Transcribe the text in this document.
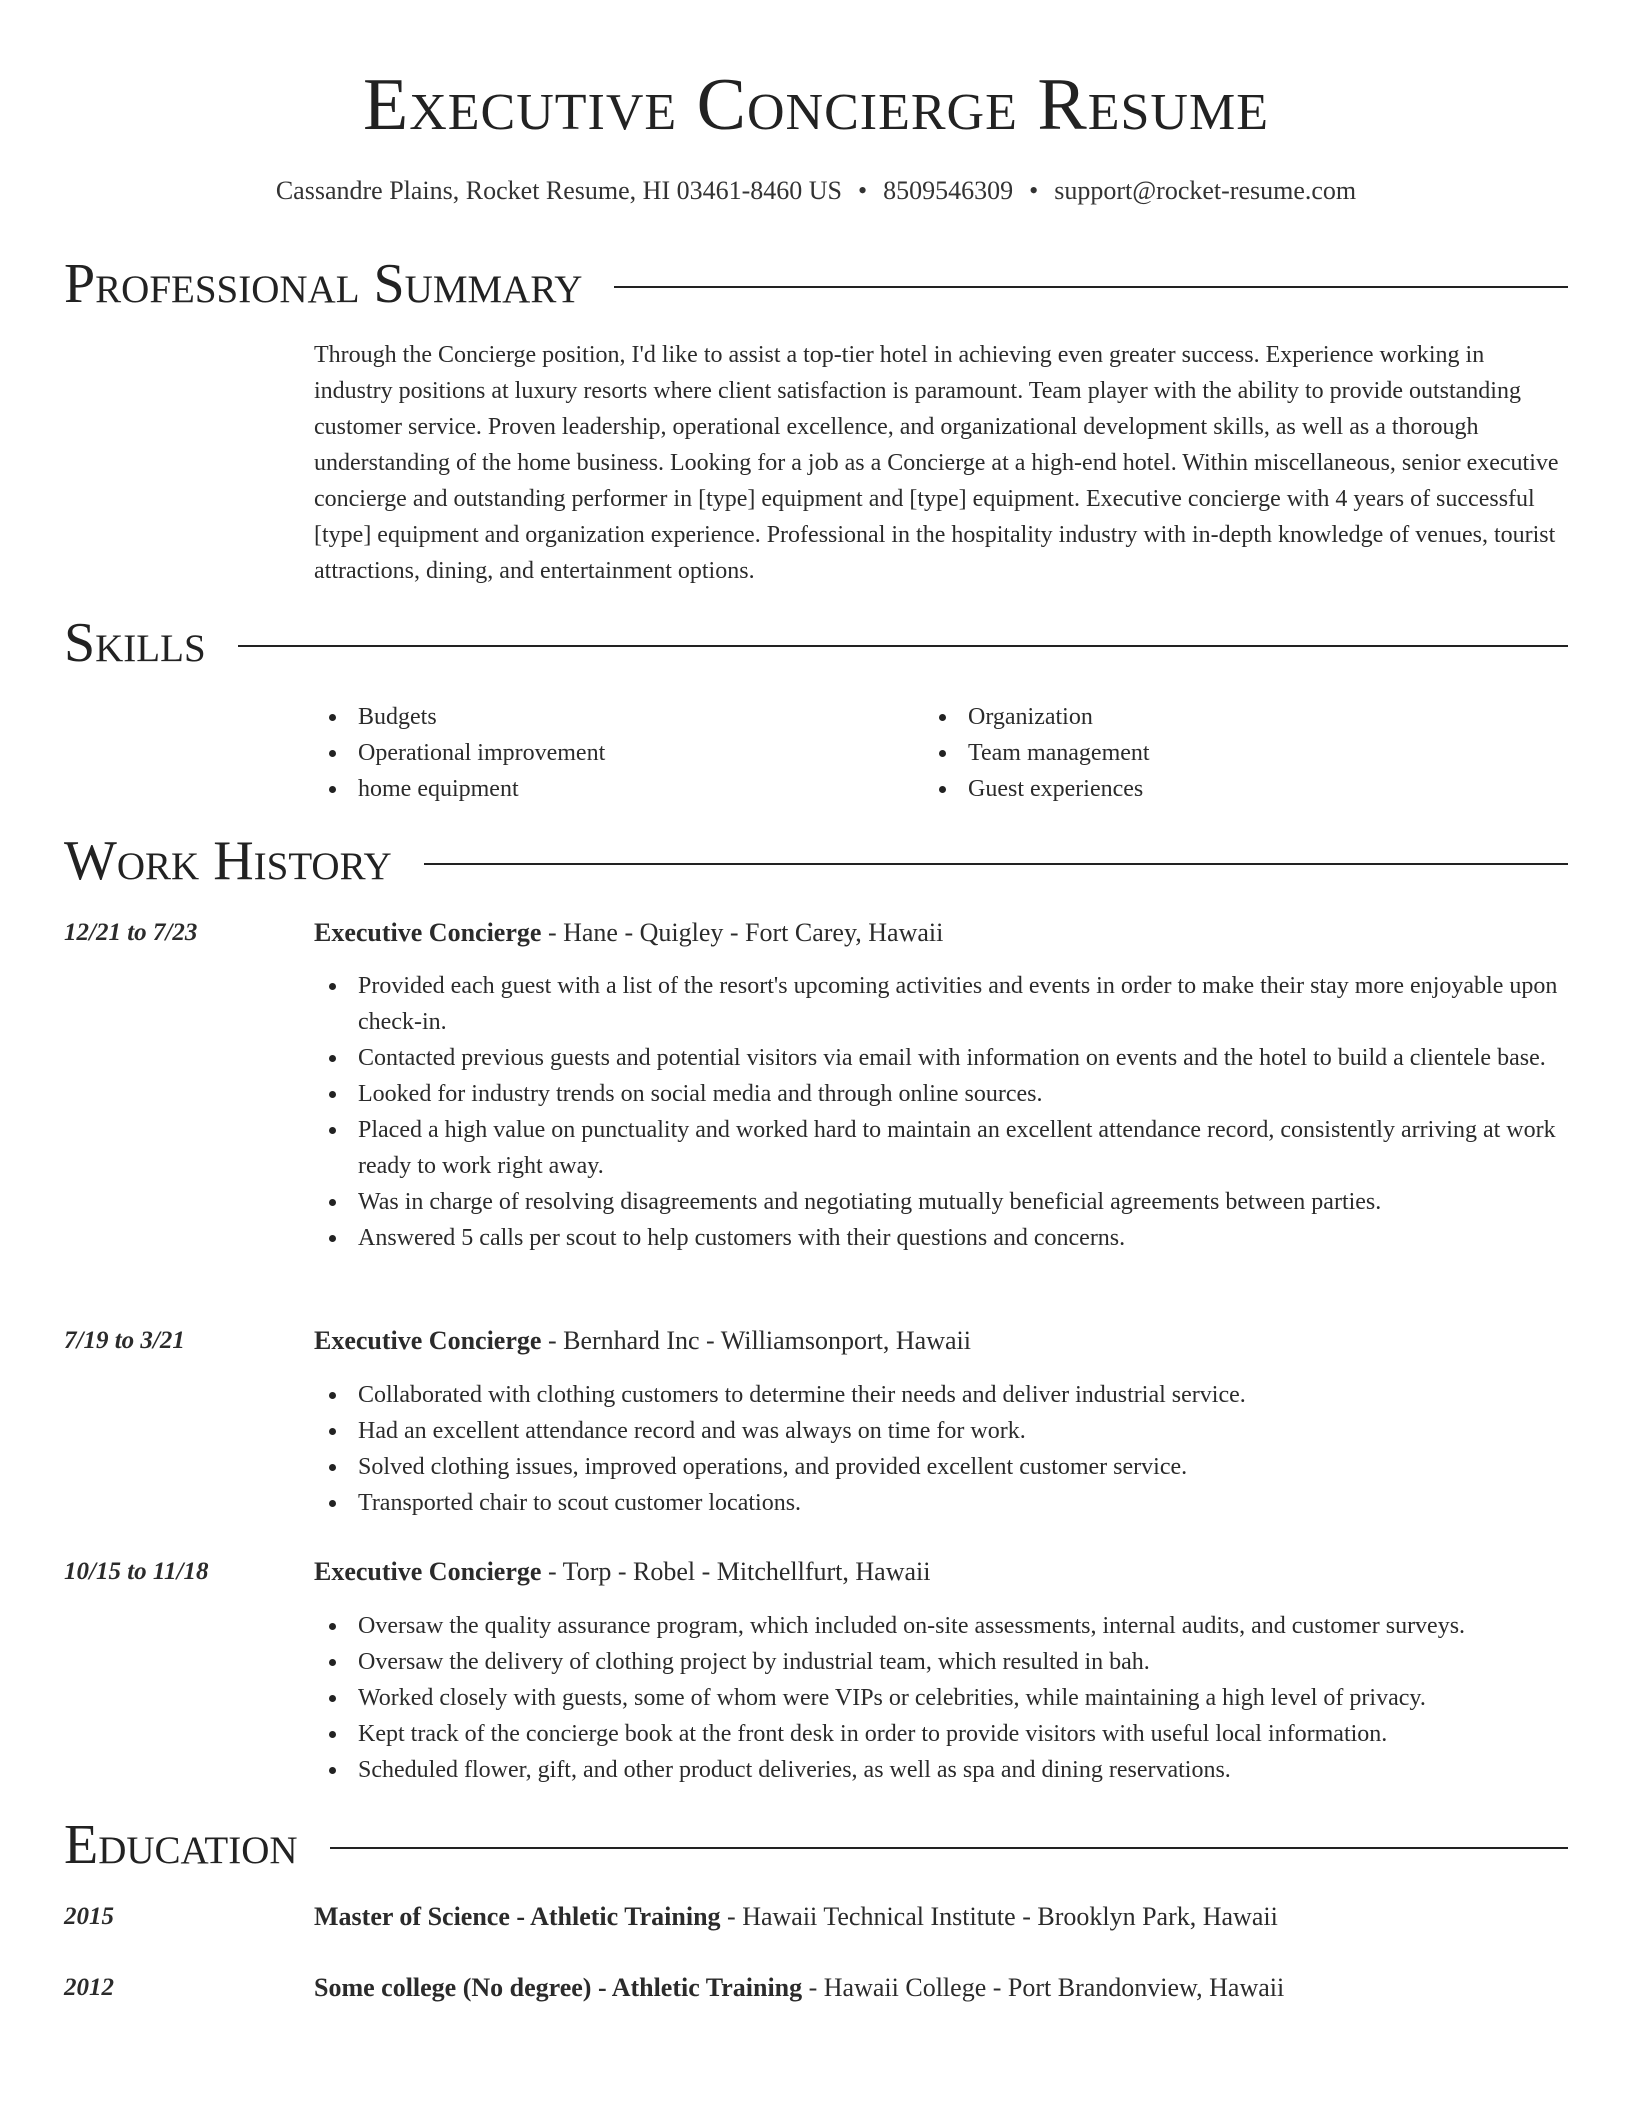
Executive Concierge Resume
Cassandre Plains, Rocket Resume, HI 03461-8460 US • 8509546309 • support@rocket-resume.com
Professional Summary
Through the Concierge position, I'd like to assist a top-tier hotel in achieving even greater success. Experience working in industry positions at luxury resorts where client satisfaction is paramount. Team player with the ability to provide outstanding customer service. Proven leadership, operational excellence, and organizational development skills, as well as a thorough understanding of the home business. Looking for a job as a Concierge at a high-end hotel. Within miscellaneous, senior executive concierge and outstanding performer in [type] equipment and [type] equipment. Executive concierge with 4 years of successful [type] equipment and organization experience. Professional in the hospitality industry with in-depth knowledge of venues, tourist attractions, dining, and entertainment options.
Skills
Budgets
Operational improvement
home equipment
Organization
Team management
Guest experiences
Work History
12/21 to 7/23	Executive Concierge - Hane - Quigley - Fort Carey, Hawaii
Provided each guest with a list of the resort's upcoming activities and events in order to make their stay more enjoyable upon check-in.
Contacted previous guests and potential visitors via email with information on events and the hotel to build a clientele base.
Looked for industry trends on social media and through online sources.
Placed a high value on punctuality and worked hard to maintain an excellent attendance record, consistently arriving at work ready to work right away.
Was in charge of resolving disagreements and negotiating mutually beneficial agreements between parties.
Answered 5 calls per scout to help customers with their questions and concerns.
7/19 to 3/21	Executive Concierge - Bernhard Inc - Williamsonport, Hawaii
Collaborated with clothing customers to determine their needs and deliver industrial service.
Had an excellent attendance record and was always on time for work.
Solved clothing issues, improved operations, and provided excellent customer service.
Transported chair to scout customer locations.
10/15 to 11/18	Executive Concierge - Torp - Robel - Mitchellfurt, Hawaii
Oversaw the quality assurance program, which included on-site assessments, internal audits, and customer surveys.
Oversaw the delivery of clothing project by industrial team, which resulted in bah.
Worked closely with guests, some of whom were VIPs or celebrities, while maintaining a high level of privacy.
Kept track of the concierge book at the front desk in order to provide visitors with useful local information.
Scheduled flower, gift, and other product deliveries, as well as spa and dining reservations.
Education
2015	Master of Science - Athletic Training - Hawaii Technical Institute - Brooklyn Park, Hawaii
2012	Some college (No degree) - Athletic Training - Hawaii College - Port Brandonview, Hawaii
